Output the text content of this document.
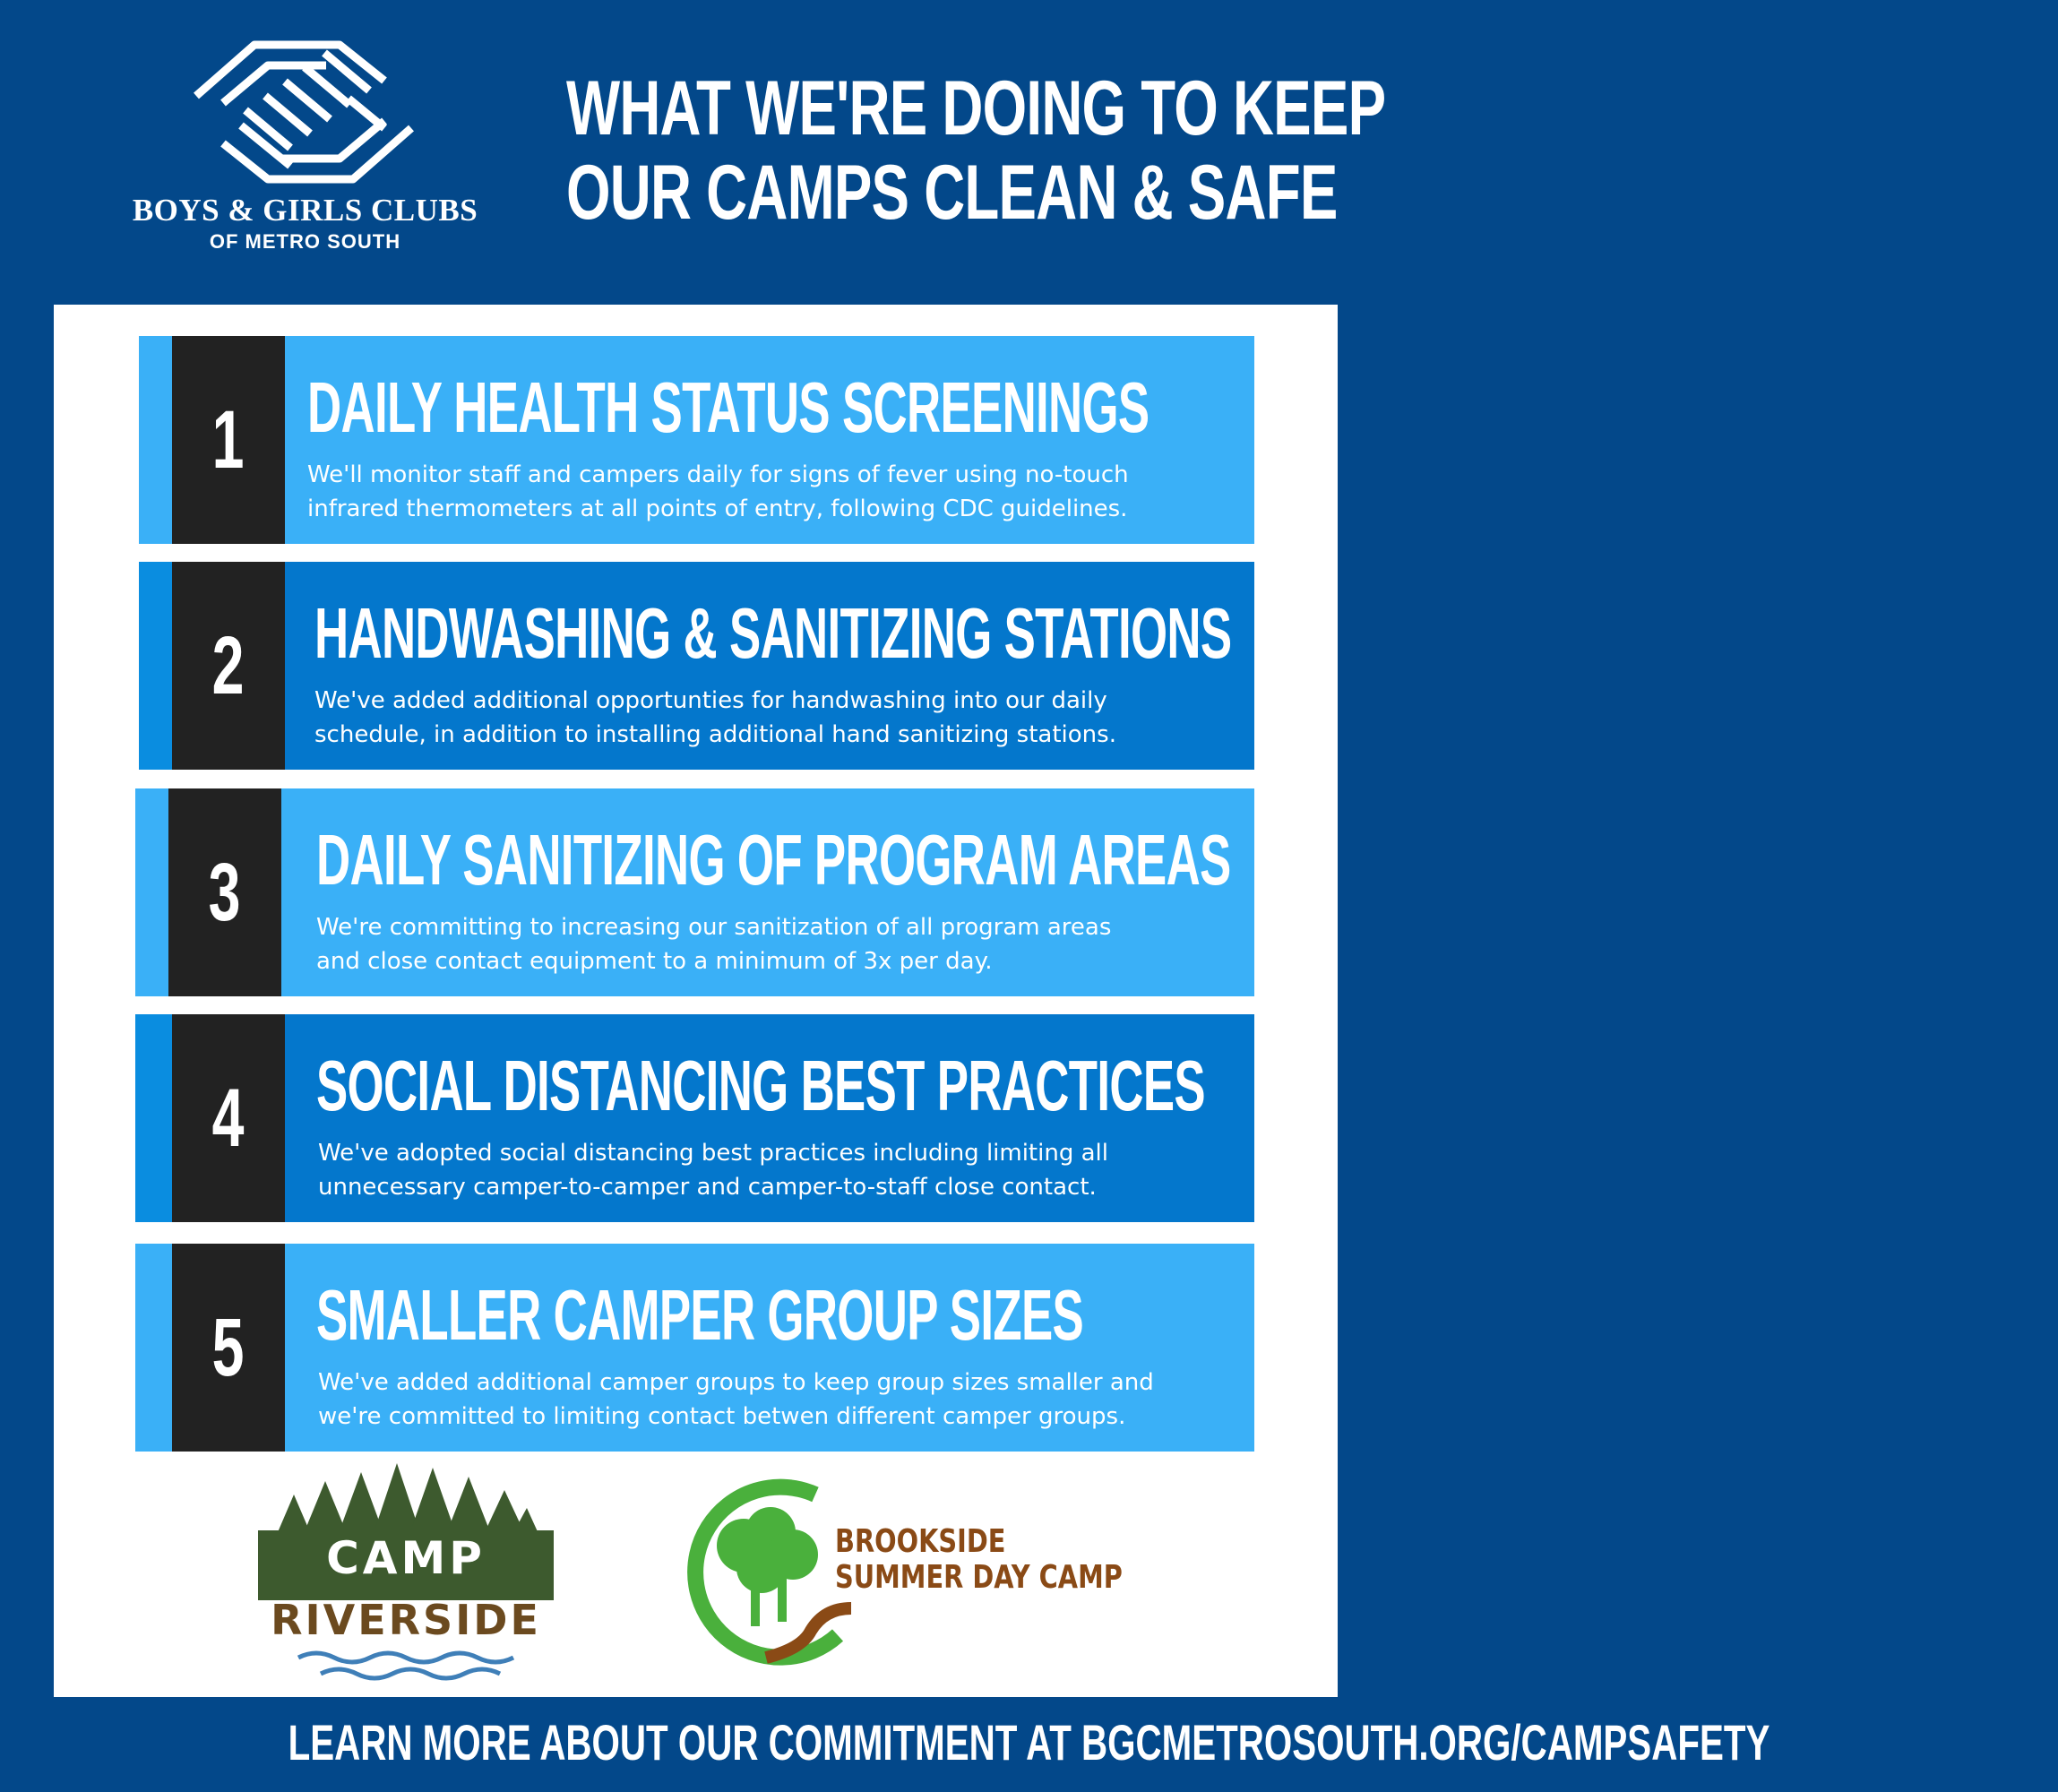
BOYS & GIRLS CLUBS
OF METRO SOUTH
WHAT WE'RE DOING TO KEEP
OUR CAMPS CLEAN & SAFE
1 DAILY HEALTH STATUS SCREENINGS
We'll monitor staff and campers daily for signs of fever using no-touch
infrared thermometers at all points of entry, following CDC guidelines.
2 HANDWASHING & SANITIZING STATIONS
We've added additional opportunties for handwashing into our daily
schedule, in addition to installing additional hand sanitizing stations.
3 DAILY SANITIZING OF PROGRAM AREAS
We're committing to increasing our sanitization of all program areas
and close contact equipment to a minimum of 3x per day.
4 SOCIAL DISTANCING BEST PRACTICES
We've adopted social distancing best practices including limiting all
unnecessary camper-to-camper and camper-to-staff close contact.
5 SMALLER CAMPER GROUP SIZES
We've added additional camper groups to keep group sizes smaller and
we're committed to limiting contact betwen different camper groups.
CAMP
RIVERSIDE
BROOKSIDE
SUMMER DAY CAMP
LEARN MORE ABOUT OUR COMMITMENT AT BGCMETROSOUTH.ORG/CAMPSAFETY
